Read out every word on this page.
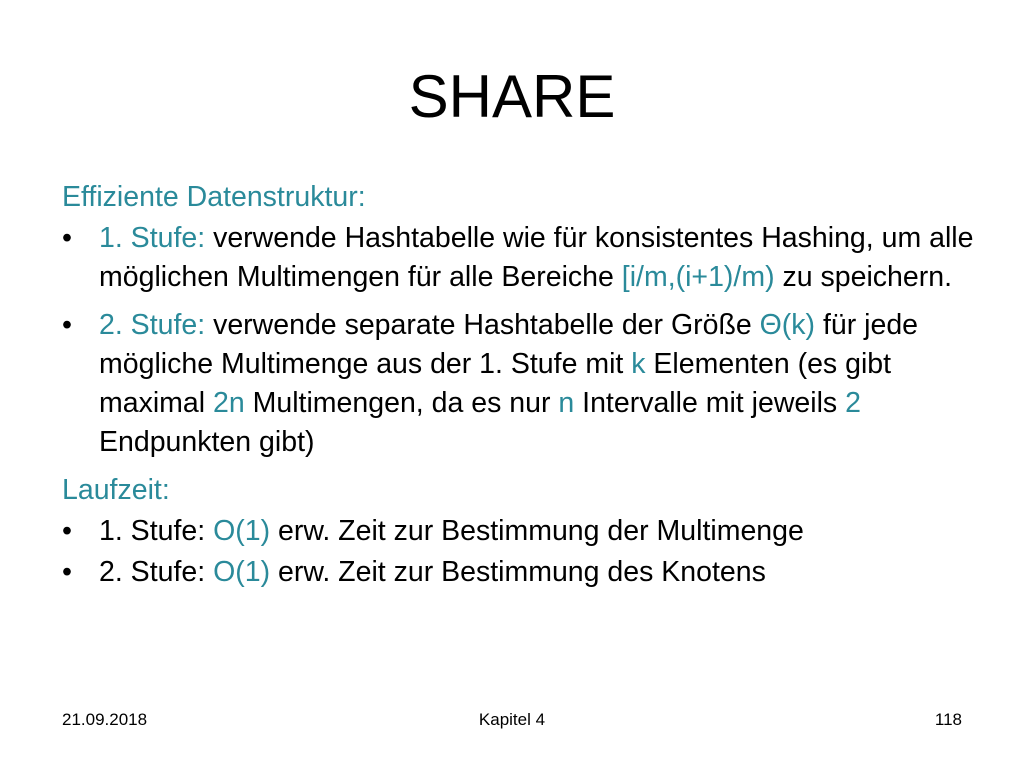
SHARE
Effiziente Datenstruktur:
• 1. Stufe: verwende Hashtabelle wie für konsistentes Hashing, um alle möglichen Multimengen für alle Bereiche [i/m,(i+1)/m) zu speichern.
• 2. Stufe: verwende separate Hashtabelle der Größe Θ(k) für jede mögliche Multimenge aus der 1. Stufe mit k Elementen (es gibt maximal 2n Multimengen, da es nur n Intervalle mit jeweils 2 Endpunkten gibt)
Laufzeit:
• 1. Stufe: O(1) erw. Zeit zur Bestimmung der Multimenge
• 2. Stufe: O(1) erw. Zeit zur Bestimmung des Knotens
21.09.2018	Kapitel 4	118
